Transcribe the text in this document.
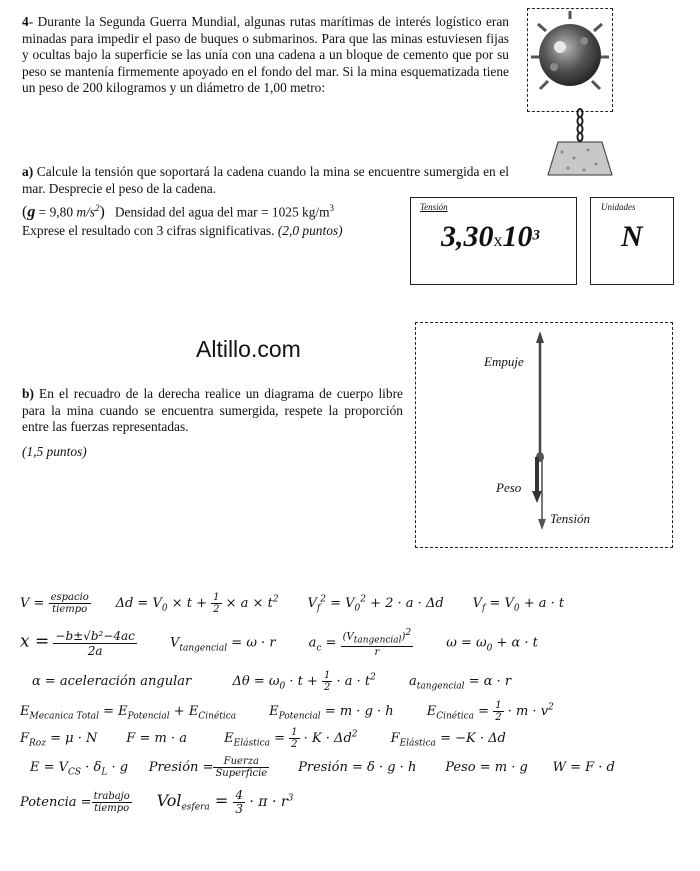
4- Durante la Segunda Guerra Mundial, algunas rutas marítimas de interés logístico eran minadas para impedir el paso de buques o submarinos. Para que las minas estuviesen fijas y ocultas bajo la superficie se las unía con una cadena a un bloque de cemento que por su peso se mantenía firmemente apoyado en el fondo del mar. Si la mina esquematizada tiene un peso de 200 kilogramos y un diámetro de 1,00 metro:
a) Calcule la tensión que soportará la cadena cuando la mina se encuentre sumergida en el mar. Desprecie el peso de la cadena.
(g = 9,80 $m/s^2$) Densidad del agua del mar = 1025 $kg/m^3$
Exprese el resultado con 3 cifras significativas. (2,0 puntos)
Tensión
$3,30x10^3$
Unidades
N
Altillo.com
b) En el recuadro de la derecha realice un diagrama de cuerpo libre para la mina cuando se encuentra sumergida, respete la proporción entre las fuerzas representadas.
(1,5 puntos)
Empuje
Peso
Tensión
$V = \frac{\text{espacio}}{\text{tiempo}}$ $\Delta d = V_0 \times t + \frac{1}{2} \times a \times t^2$ $V_f^2 = V_0^2 + 2 \cdot a \cdot \Delta d$ $V_f = V_0 + a \cdot t$
$x = \frac{\text{−b±√b²−4ac}}{2a}$	$V_{tangencial} = \omega \cdot r$	$a_c = \frac{(V_{tangencial})^2}{r}$	$\omega = \omega_0 + \alpha \cdot t$
α = aceleración angular	$\Delta\theta = \omega_0 \cdot t + \frac{1}{2} \cdot a \cdot t^2$	$a_{tangencial} = \alpha \cdot r$
$E_{Mecanica Total} = E_{Potencial} + E_{Cinética}$	$E_{Potencial} = m \cdot g \cdot h$	$E_{Cinética} = \frac{1}{2} \cdot m \cdot v^2$
$F_{Roz} = \mu \cdot N$ F = m · a	$E_{Elástica} = \frac{1}{2} \cdot K \cdot \Delta d^2$	$F_{Elástica} = -K \cdot \Delta d$
$E = V_{CS} \cdot \delta_L \cdot g$ Presión = $\frac{\text{Fuerza}}{\text{Superficie}}$ Presión = δ · g · h Peso = m · g W = F · d
Potencia = $\frac{\text{trabajo}}{\text{tiempo}} Vol_{esfera} = \frac{4}{3} \cdot \pi \cdot r^3$
